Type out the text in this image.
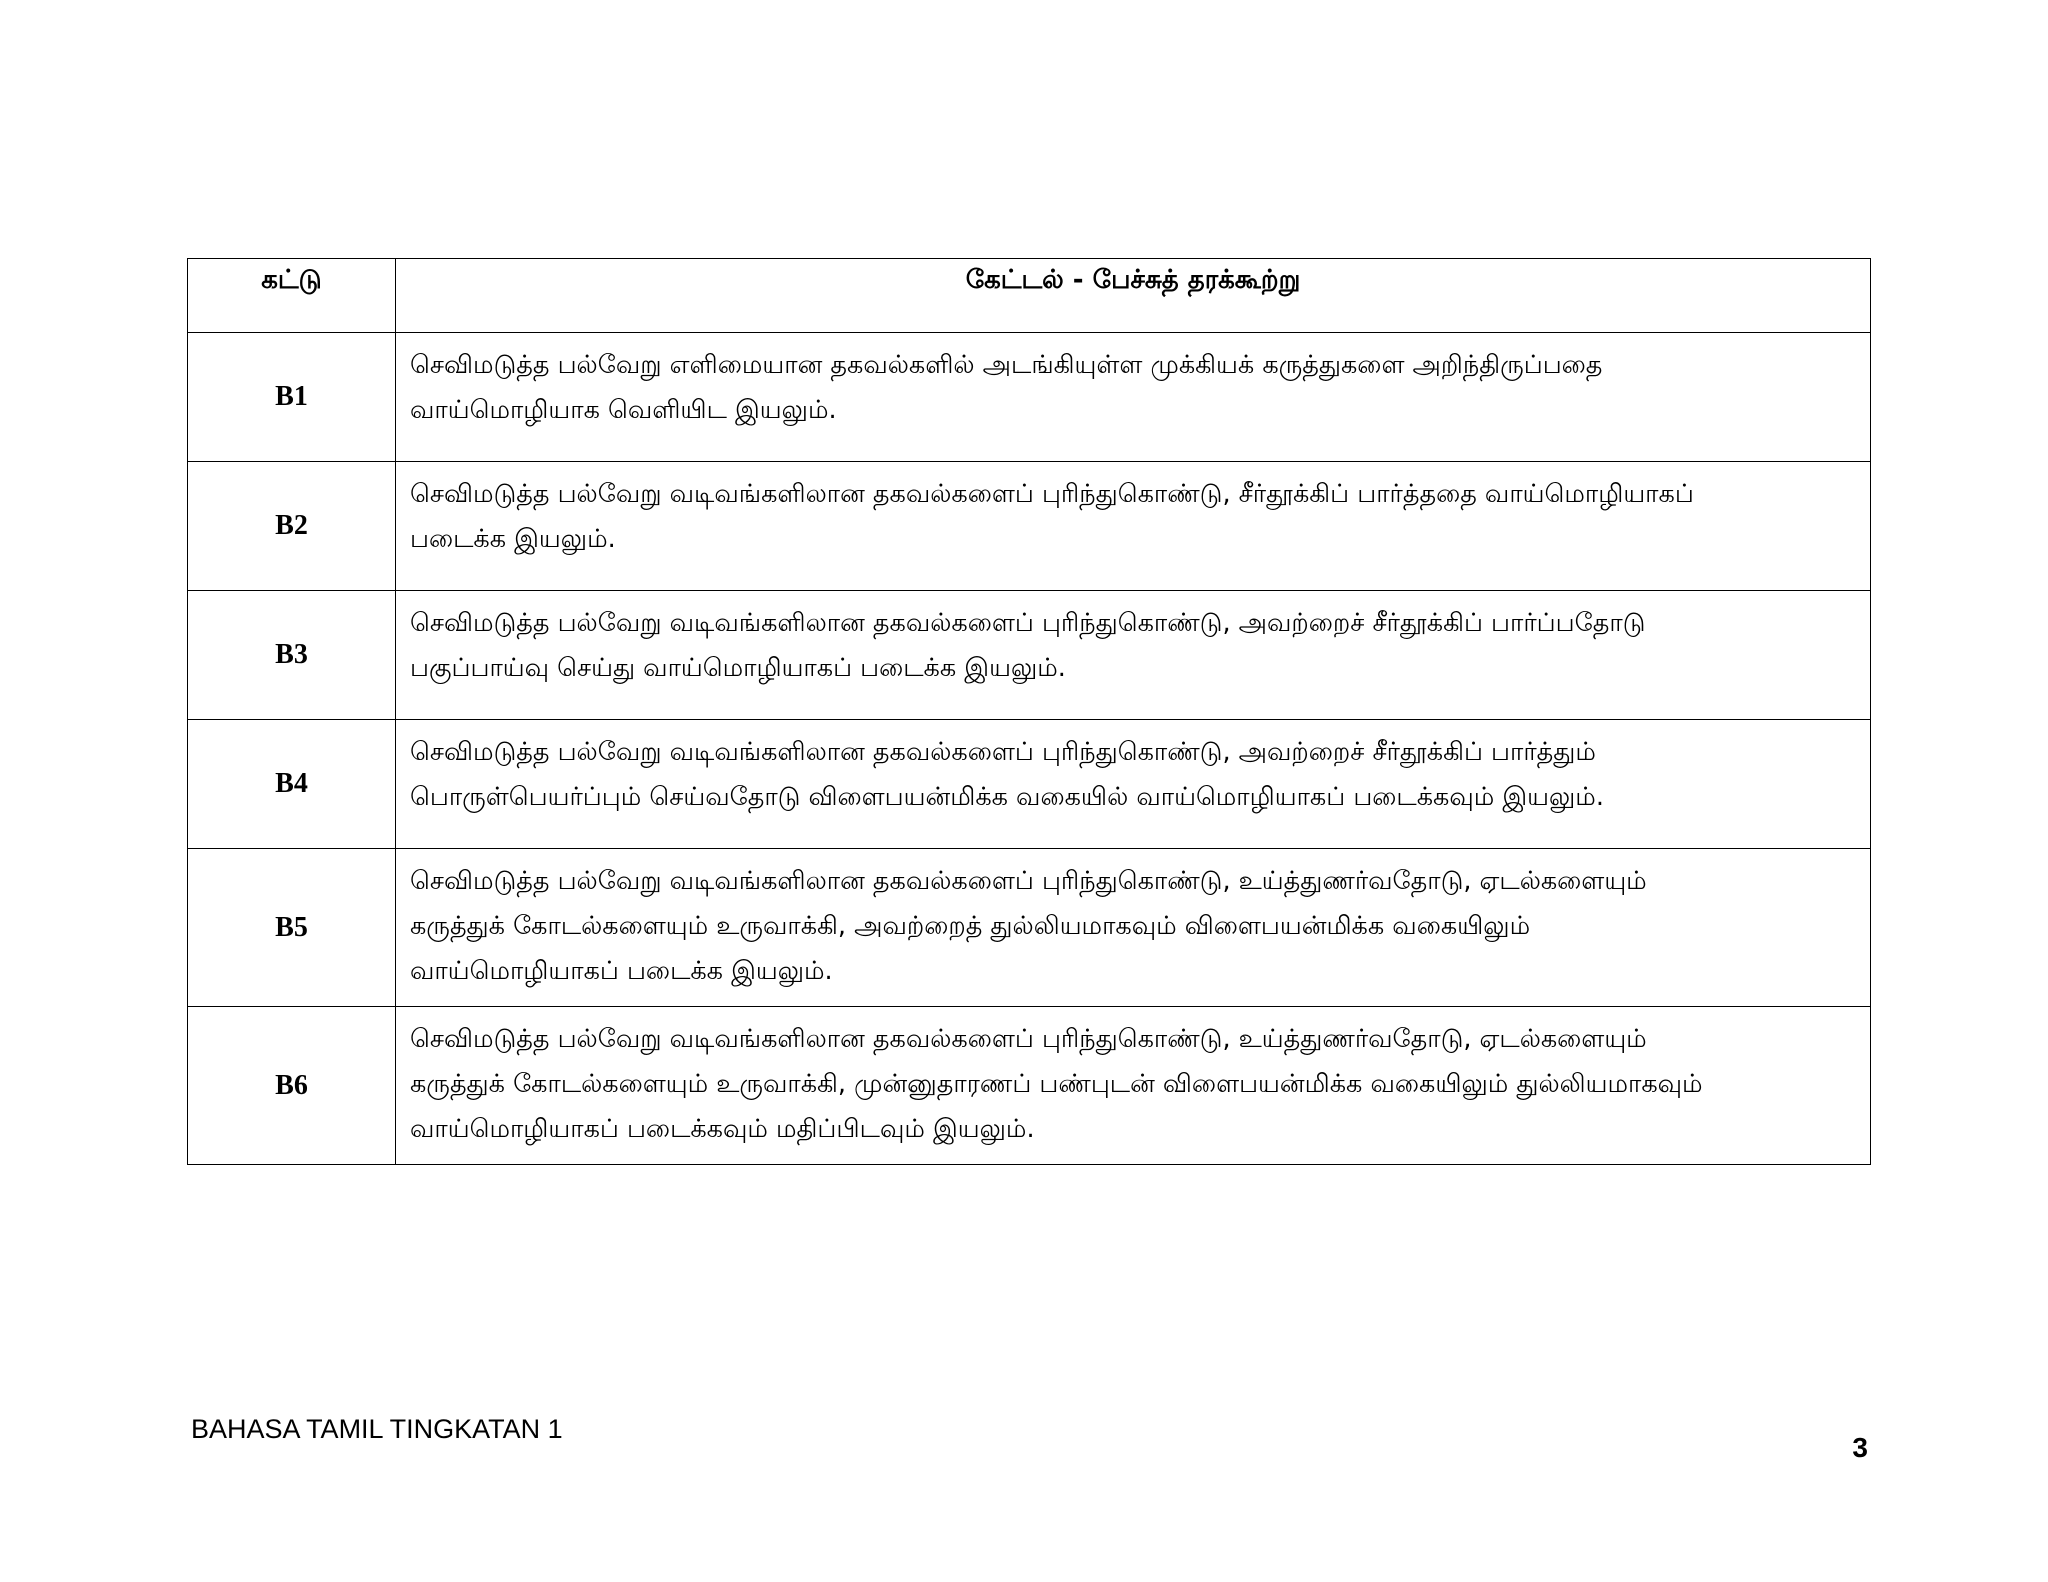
கட்டு	கேட்டல் - பேச்சுத் தரக்கூற்று
B1	செவிமடுத்த பல்வேறு எளிமையான தகவல்களில் அடங்கியுள்ள முக்கியக் கருத்துகளை அறிந்திருப்பதை
வாய்மொழியாக வெளியிட இயலும்.

B2	செவிமடுத்த பல்வேறு வடிவங்களிலான தகவல்களைப் புரிந்துகொண்டு, சீர்தூக்கிப் பார்த்ததை வாய்மொழியாகப்
படைக்க இயலும்.

B3	செவிமடுத்த பல்வேறு வடிவங்களிலான தகவல்களைப் புரிந்துகொண்டு, அவற்றைச் சீர்தூக்கிப் பார்ப்பதோடு
பகுப்பாய்வு செய்து வாய்மொழியாகப் படைக்க இயலும்.

B4	செவிமடுத்த பல்வேறு வடிவங்களிலான தகவல்களைப் புரிந்துகொண்டு, அவற்றைச் சீர்தூக்கிப் பார்த்தும்
பொருள்பெயர்ப்பும் செய்வதோடு விளைபயன்மிக்க வகையில் வாய்மொழியாகப் படைக்கவும் இயலும்.

B5	செவிமடுத்த பல்வேறு வடிவங்களிலான தகவல்களைப் புரிந்துகொண்டு, உய்த்துணர்வதோடு, ஏடல்களையும்
கருத்துக் கோடல்களையும் உருவாக்கி, அவற்றைத் துல்லியமாகவும் விளைபயன்மிக்க வகையிலும்
வாய்மொழியாகப் படைக்க இயலும்.

B6	செவிமடுத்த பல்வேறு வடிவங்களிலான தகவல்களைப் புரிந்துகொண்டு, உய்த்துணர்வதோடு, ஏடல்களையும்
கருத்துக் கோடல்களையும் உருவாக்கி, முன்னுதாரணப் பண்புடன் விளைபயன்மிக்க வகையிலும் துல்லியமாகவும்
வாய்மொழியாகப் படைக்கவும் மதிப்பிடவும் இயலும்.
BAHASA TAMIL TINGKATAN 1
3
